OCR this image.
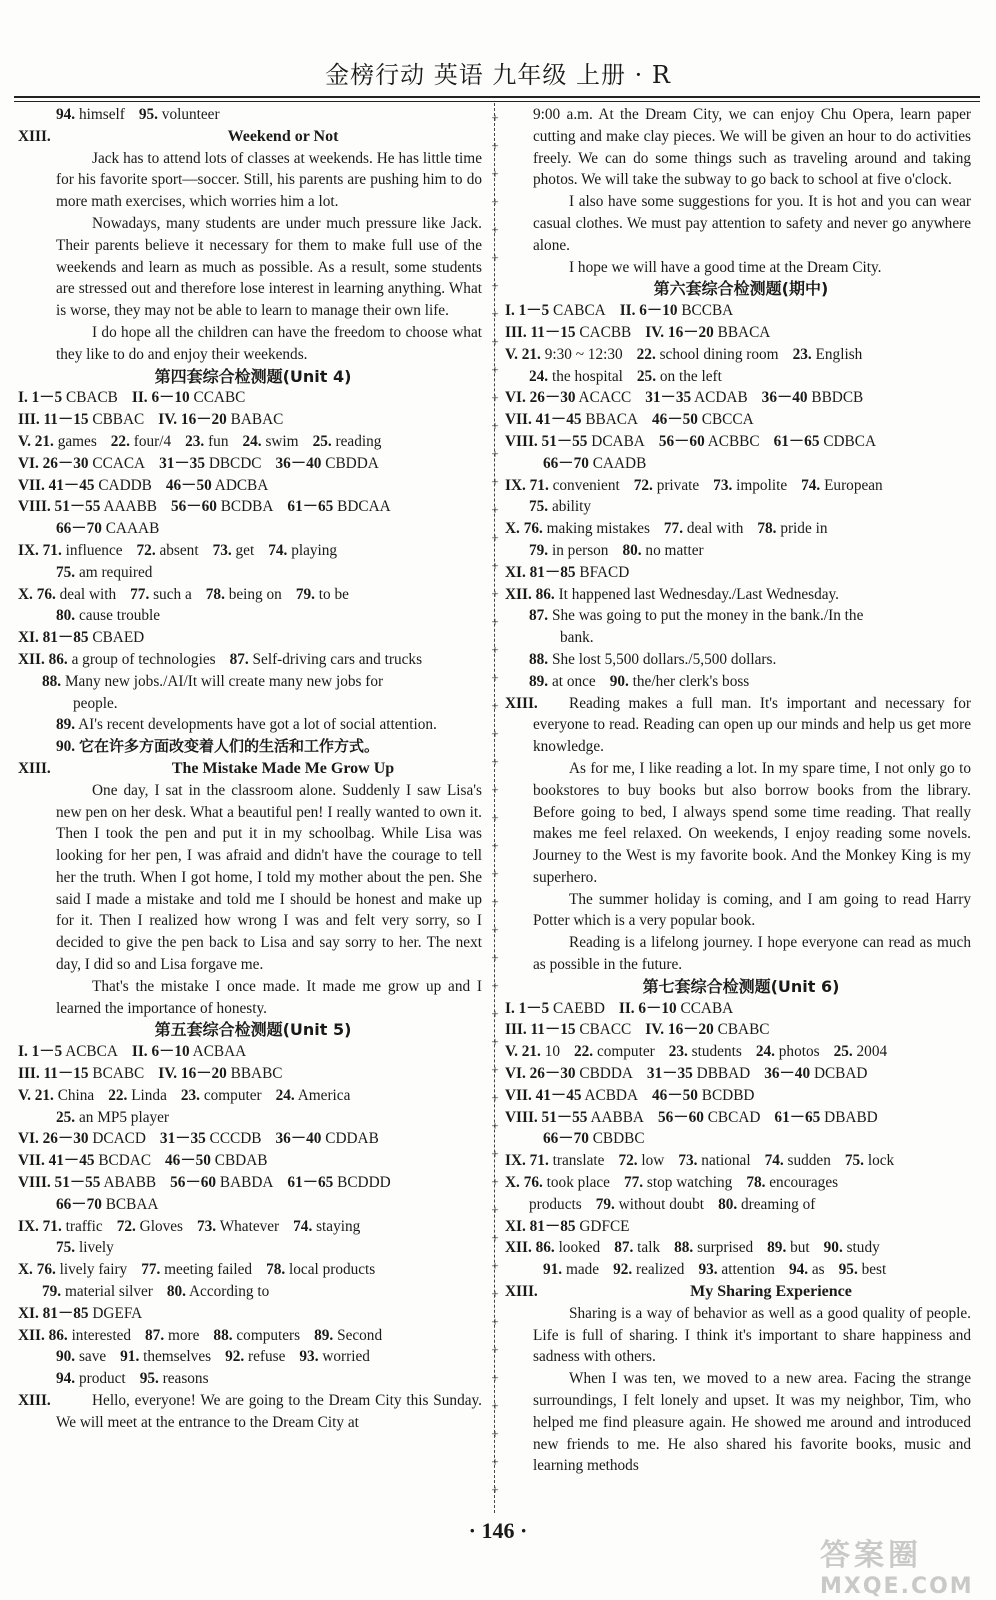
金榜行动 英语 九年级 上册 · R
+
+
+
+
+
+
+
+
+
+
+
+
+
+
+
+
+
+
+
+
+
+
+
+
+
+
+
+
+
+
+
+
+
+
+
+
+
+
+
+
+
+
+
+
+
+
+
+
+
+
94. himself 95. volunteer
XIII.	Weekend or Not

Jack has to attend lots of classes at weekends. He has little time for his favorite sport—soccer. Still, his parents are pushing him to do more math exercises, which worries him a lot.

Nowadays, many students are under much pressure like Jack. Their parents believe it necessary for them to make full use of the weekends and learn as much as possible. As a result, some students are stressed out and therefore lose interest in learning anything. What is worse, they may not be able to learn to manage their own life.

I do hope all the children can have the freedom to choose what they like to do and enjoy their weekends.

第四套综合检测题(Unit 4)
I. 1－5 CBACB II. 6－10 CCABC
III. 11－15 CBBAC IV. 16－20 BABAC
V. 21. games 22. four/4 23. fun 24. swim 25. reading
VI. 26－30 CCACA 31－35 DBCDC 36－40 CBDDA
VII. 41－45 CADDB 46－50 ADCBA
VIII. 51－55 AAABB 56－60 BCDBA 61－65 BDCAA
66－70 CAAAB
IX. 71. influence 72. absent 73. get 74. playing
75. am required
X. 76. deal with 77. such a 78. being on 79. to be
80. cause trouble
XI. 81－85 CBAED
XII. 86. a group of technologies 87. Self-driving cars and trucks
88. Many new jobs./AI/It will create many new jobs for
people.
89. AI's recent developments have got a lot of social attention.
90. 它在许多方面改变着人们的生活和工作方式。
XIII.	The Mistake Made Me Grow Up

One day, I sat in the classroom alone. Suddenly I saw Lisa's new pen on her desk. What a beautiful pen! I really wanted to own it. Then I took the pen and put it in my schoolbag. While Lisa was looking for her pen, I was afraid and didn't have the courage to tell her the truth. When I got home, I told my mother about the pen. She said I made a mistake and told me I should be honest and make up for it. Then I realized how wrong I was and felt very sorry, so I decided to give the pen back to Lisa and say sorry to her. The next day, I did so and Lisa forgave me.

That's the mistake I once made. It made me grow up and I learned the importance of honesty.

第五套综合检测题(Unit 5)
I. 1－5 ACBCA II. 6－10 ACBAA
III. 11－15 BCABC IV. 16－20 BBABC
V. 21. China 22. Linda 23. computer 24. America
25. an MP5 player
VI. 26－30 DCACD 31－35 CCCDB 36－40 CDDAB
VII. 41－45 BCDAC 46－50 CBDAB
VIII. 51－55 ABABB 56－60 BABDA 61－65 BCDDD
66－70 BCBAA
IX. 71. traffic 72. Gloves 73. Whatever 74. staying
75. lively
X. 76. lively fairy 77. meeting failed 78. local products
79. material silver 80. According to
XI. 81－85 DGEFA
XII. 86. interested 87. more 88. computers 89. Second
90. save 91. themselves 92. refuse 93. worried
94. product 95. reasons
XIII.	Hello, everyone! We are going to the Dream City this Sunday. We will meet at the entrance to the Dream City at

9:00 a.m. At the Dream City, we can enjoy Chu Opera, learn paper cutting and make clay pieces. We will be given an hour to do activities freely. We can do some things such as traveling around and taking photos. We will take the subway to go back to school at five o'clock.

I also have some suggestions for you. It is hot and you can wear casual clothes. We must pay attention to safety and never go anywhere alone.

I hope we will have a good time at the Dream City.

第六套综合检测题(期中)
I. 1－5 CABCA II. 6－10 BCCBA
III. 11－15 CACBB IV. 16－20 BBACA
V. 21. 9:30 ~ 12:30 22. school dining room 23. English
24. the hospital 25. on the left
VI. 26－30 ACACC 31－35 ACDAB 36－40 BBDCB
VII. 41－45 BBACA 46－50 CBCCA
VIII. 51－55 DCABA 56－60 ACBBC 61－65 CDBCA
66－70 CAADB
IX. 71. convenient 72. private 73. impolite 74. European
75. ability
X. 76. making mistakes 77. deal with 78. pride in
79. in person 80. no matter
XI. 81－85 BFACD
XII. 86. It happened last Wednesday./Last Wednesday.
87. She was going to put the money in the bank./In the
bank.
88. She lost 5,500 dollars./5,500 dollars.
89. at once 90. the/her clerk's boss
XIII.	Reading makes a full man. It's important and necessary for everyone to read. Reading can open up our minds and help us get more knowledge.

As for me, I like reading a lot. In my spare time, I not only go to bookstores to buy books but also borrow books from the library. Before going to bed, I always spend some time reading. That really makes me feel relaxed. On weekends, I enjoy reading some novels. Journey to the West is my favorite book. And the Monkey King is my superhero.

The summer holiday is coming, and I am going to read Harry Potter which is a very popular book.

Reading is a lifelong journey. I hope everyone can read as much as possible in the future.

第七套综合检测题(Unit 6)
I. 1－5 CAEBD II. 6－10 CCABA
III. 11－15 CBACC IV. 16－20 CBABC
V. 21. 10 22. computer 23. students 24. photos 25. 2004
VI. 26－30 CBDDA 31－35 DBBAD 36－40 DCBAD
VII. 41－45 ACBDA 46－50 BCDBD
VIII. 51－55 AABBA 56－60 CBCAD 61－65 DBABD
66－70 CBDBC
IX. 71. translate 72. low 73. national 74. sudden 75. lock
X. 76. took place 77. stop watching 78. encourages
products 79. without doubt 80. dreaming of
XI. 81－85 GDFCE
XII. 86. looked 87. talk 88. surprised 89. but 90. study
91. made 92. realized 93. attention 94. as 95. best
XIII.	My Sharing Experience

Sharing is a way of behavior as well as a good quality of people. Life is full of sharing. I think it's important to share happiness and sadness with others.

When I was ten, we moved to a new area. Facing the strange surroundings, I felt lonely and upset. It was my neighbor, Tim, who helped me find pleasure again. He showed me around and introduced new friends to me. He also shared his favorite books, music and learning methods

· 146 ·
答案圈
MXQE.COM
